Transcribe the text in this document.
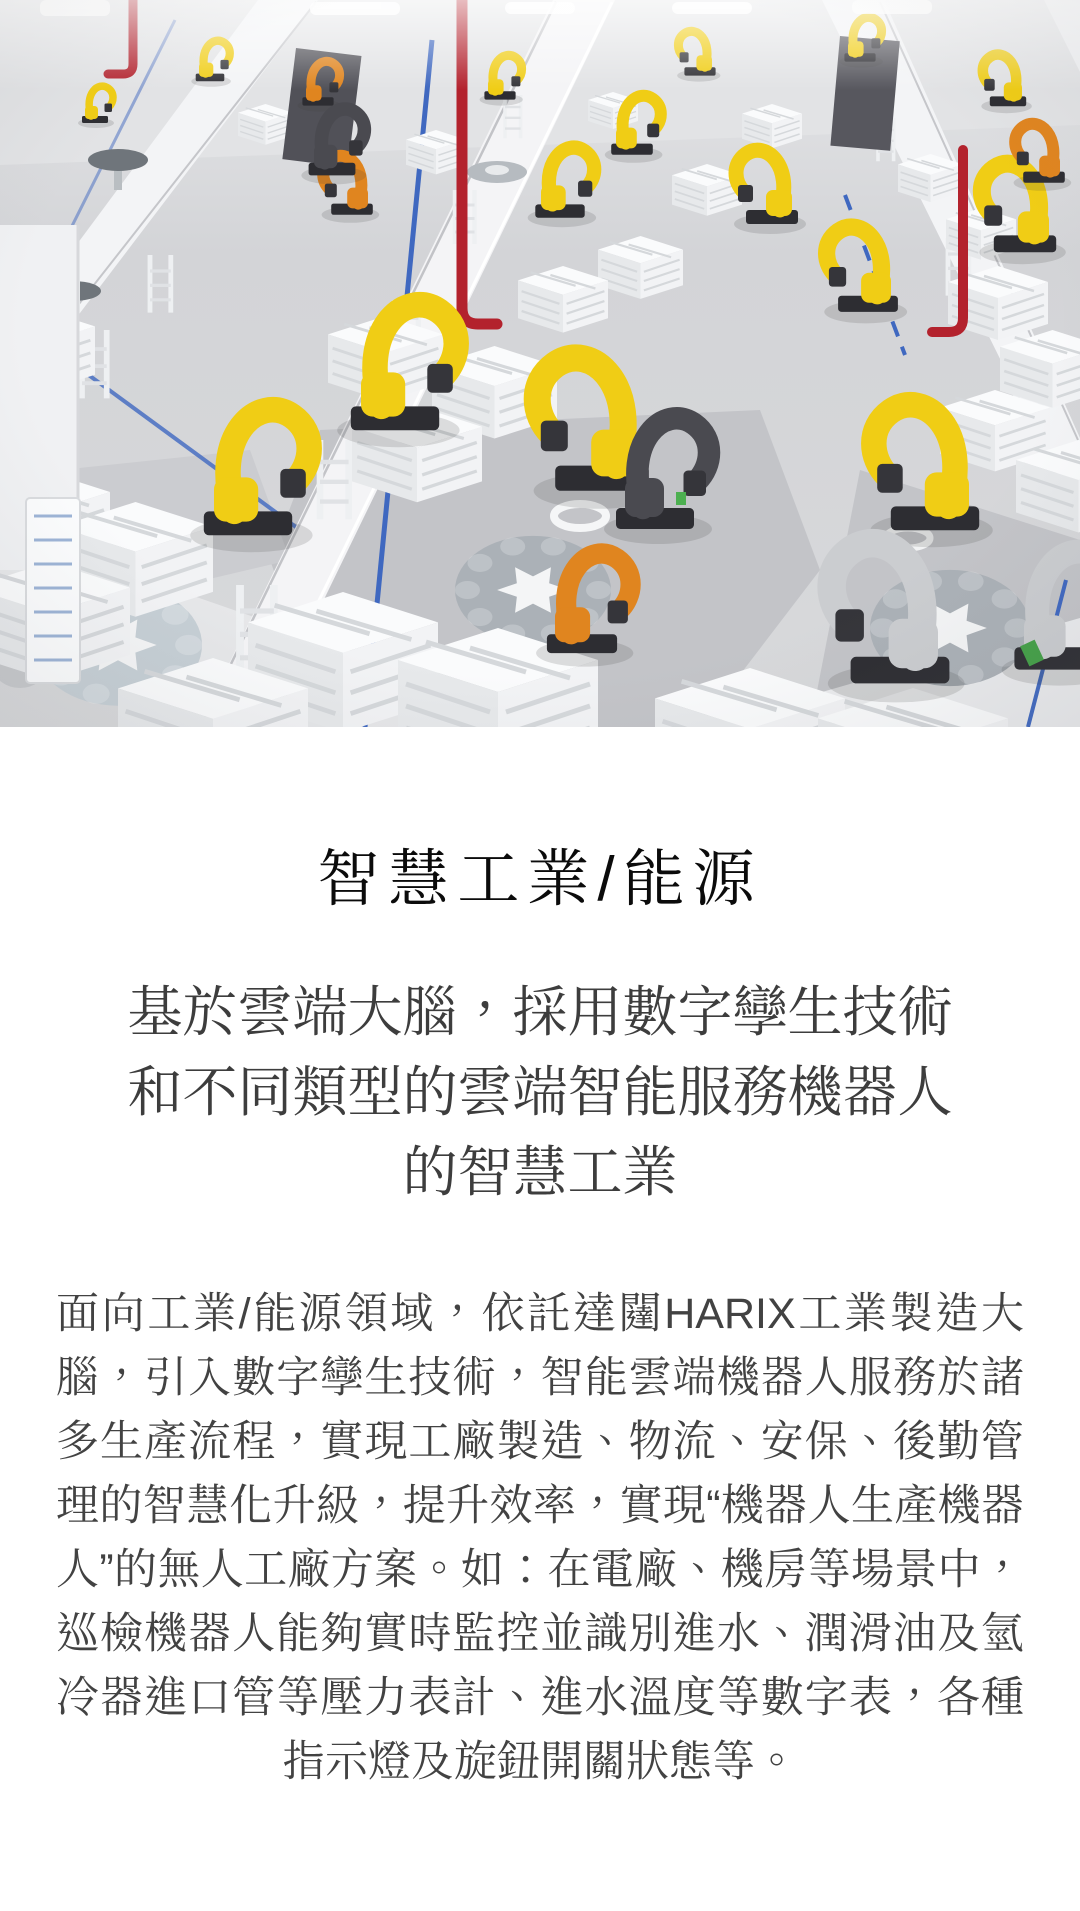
智慧工業/能源
基於雲端大腦，採用數字孿生技術
和不同類型的雲端智能服務機器人
的智慧工業

面向工業/能源領域，依託達闥HARIX工業製造大腦，引入數字孿生技術，智能雲端機器人服務於諸多生產流程，實現工廠製造、物流、安保、後勤管理的智慧化升級，提升效率，實現“機器人生產機器人”的無人工廠方案。如：在電廠、機房等場景中，巡檢機器人能夠實時監控並識別進水、潤滑油及氫冷器進口管等壓力表計、進水溫度等數字表，各種指示燈及旋鈕開關狀態等。
